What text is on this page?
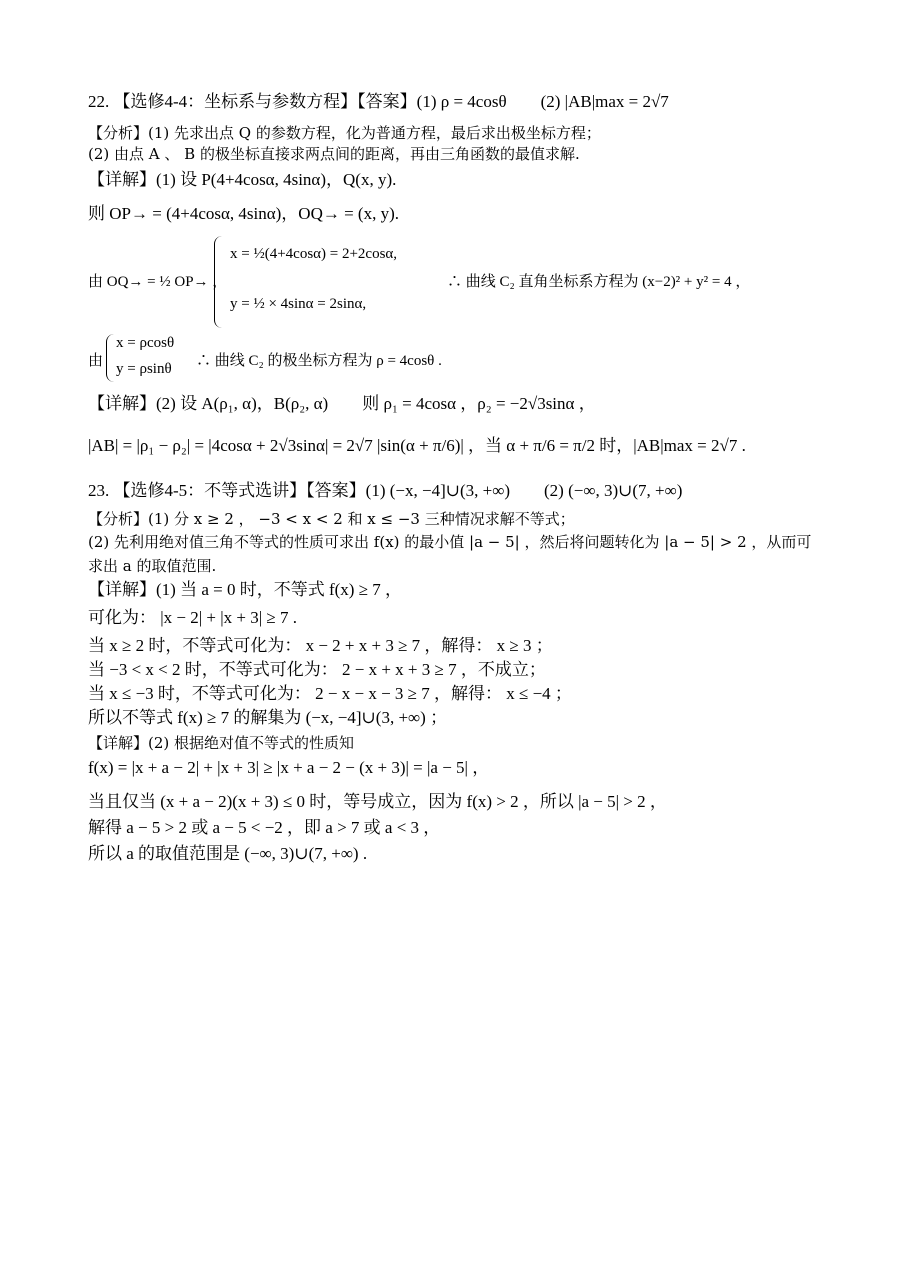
22. 【选修4-4：坐标系与参数方程】【答案】(1) ρ = 4cosθ　　(2) |AB|max = 2√7
【分析】(1) 先求出点 Q 的参数方程，化为普通方程，最后求出极坐标方程；
(2) 由点 A 、 B 的极坐标直接求两点间的距离，再由三角函数的最值求解.
【详解】(1) 设 P(4+4cosα, 4sinα)，Q(x, y).
则 OP→ = (4+4cosα, 4sinα)，OQ→ = (x, y).
由 OQ→ = ½ OP→ ，
x = ½(4+4cosα) = 2+2cosα,
y = ½ × 4sinα = 2sinα,
∴ 曲线 C₂ 直角坐标系方程为 (x−2)² + y² = 4 ，
由
x = ρcosθ
y = ρsinθ ∴ 曲线 C₂ 的极坐标方程为 ρ = 4cosθ .
【详解】(2) 设 A(ρ₁, α)，B(ρ₂, α)　　则 ρ₁ = 4cosα ，ρ₂ = −2√3sinα ，
|AB| = |ρ₁ − ρ₂| = |4cosα + 2√3sinα| = 2√7 |sin(α + π/6)| ，当 α + π/6 = π/2 时，|AB|max = 2√7 .
23. 【选修4-5：不等式选讲】【答案】(1) (−x, −4]∪(3, +∞)　　(2) (−∞, 3)∪(7, +∞)
【分析】(1) 分 x ≥ 2 ， −3 < x < 2 和 x ≤ −3 三种情况求解不等式；
(2) 先利用绝对值三角不等式的性质可求出 f(x) 的最小值 |a − 5| ，然后将问题转化为 |a − 5| > 2 ，从而可
求出 a 的取值范围.
【详解】(1) 当 a = 0 时，不等式 f(x) ≥ 7 ，
可化为： |x − 2| + |x + 3| ≥ 7 .
当 x ≥ 2 时，不等式可化为： x − 2 + x + 3 ≥ 7 ，解得： x ≥ 3 ；
当 −3 < x < 2 时，不等式可化为： 2 − x + x + 3 ≥ 7 ，不成立；
当 x ≤ −3 时，不等式可化为： 2 − x − x − 3 ≥ 7 ，解得： x ≤ −4 ；
所以不等式 f(x) ≥ 7 的解集为 (−x, −4]∪(3, +∞) ；
【详解】(2) 根据绝对值不等式的性质知
f(x) = |x + a − 2| + |x + 3| ≥ |x + a − 2 − (x + 3)| = |a − 5| ，
当且仅当 (x + a − 2)(x + 3) ≤ 0 时，等号成立，因为 f(x) > 2 ，所以 |a − 5| > 2 ，
解得 a − 5 > 2 或 a − 5 < −2 ，即 a > 7 或 a < 3 ，
所以 a 的取值范围是 (−∞, 3)∪(7, +∞) .
